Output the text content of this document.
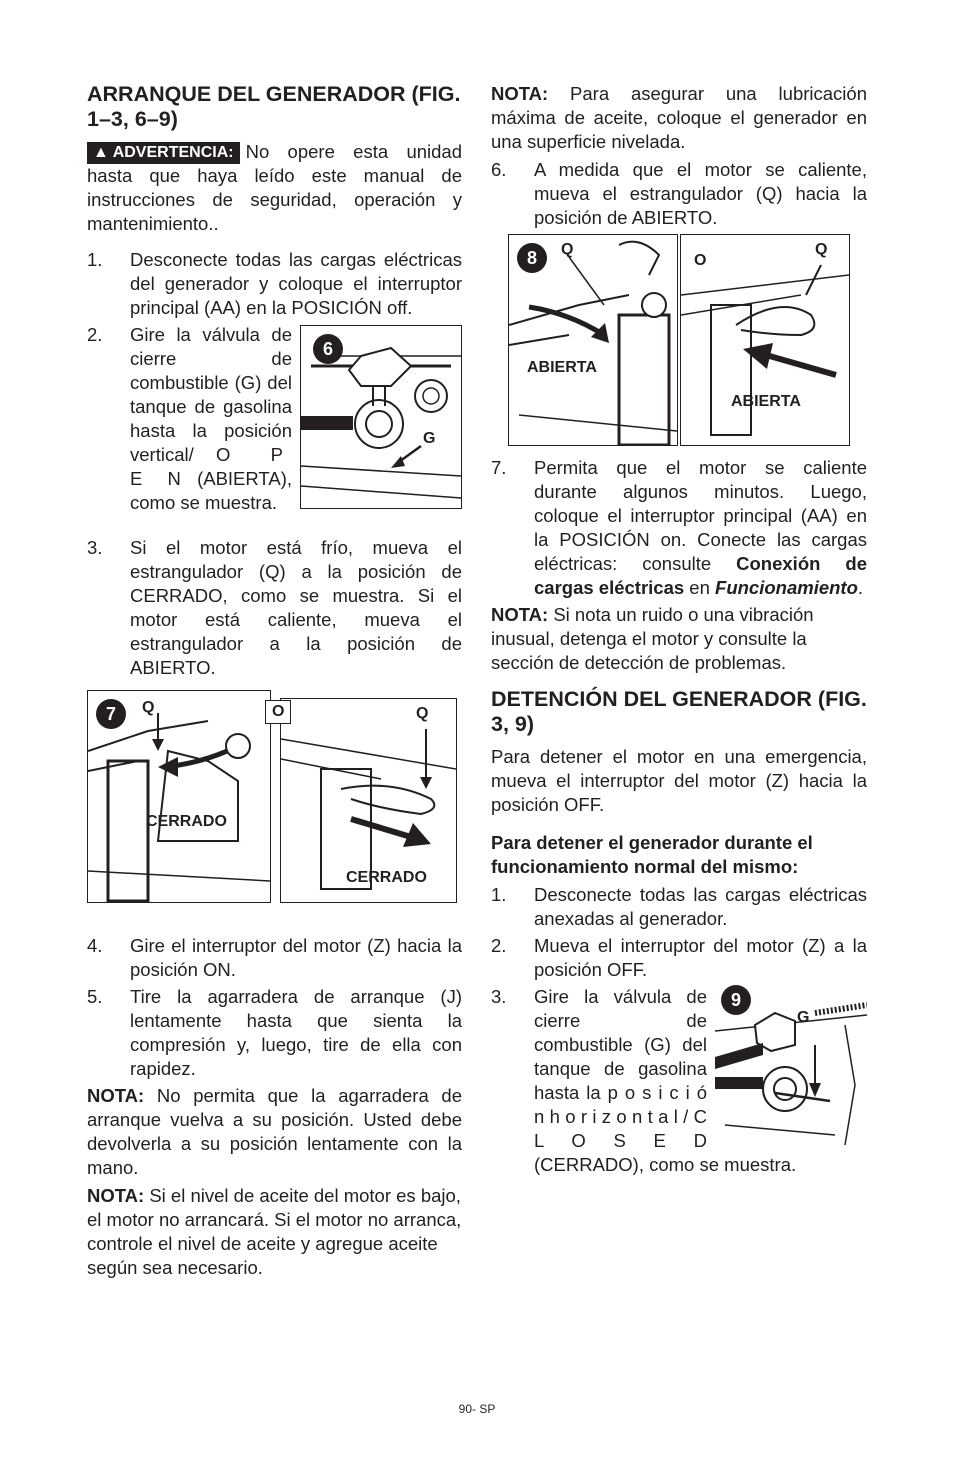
ARRANQUE DEL GENERADOR (FIG. 1–3, 6–9)

▲ ADVERTENCIA: No opere esta unidad hasta que haya leído este manual de instrucciones de seguridad, operación y mantenimiento..

1. Desconecte todas las cargas eléctricas del generador y coloque el interruptor principal (AA) en la POSICIÓN off.
2.
6
G
Gire la válvula de cierre de combustible (G) del tanque de gasolina hasta la posición vertical/ O P E N (ABIERTA), como se muestra.
3. Si el motor está frío, mueva el estrangulador (Q) a la posición de CERRADO, como se muestra. Si el motor está caliente, mueva el estrangulador a la posición de ABIERTO.
7	Q
CERRADO
Q
CERRADO
O
4. Gire el interruptor del motor (Z) hacia la posición ON.
5. Tire la agarradera de arranque (J) lentamente hasta que sienta la compresión y, luego, tire de ella con rapidez.

NOTA: No permita que la agarradera de arranque vuelva a su posición. Usted debe devolverla a su posición lentamente con la mano.

NOTA: Si el nivel de aceite del motor es bajo, el motor no arrancará. Si el motor no arranca, controle el nivel de aceite y agregue aceite según sea necesario.

NOTA: Para asegurar una lubricación máxima de aceite, coloque el generador en una superficie nivelada.

6. A medida que el motor se caliente, mueva el estrangulador (Q) hacia la posición de ABIERTO.
8	Q
ABIERTA
Q
ABIERTA
O
7. Permita que el motor se caliente durante algunos minutos. Luego, coloque el interruptor principal (AA) en la POSICIÓN on. Conecte las cargas eléctricas: consulte Conexión de cargas eléctricas en Funcionamiento.

NOTA: Si nota un ruido o una vibración inusual, detenga el motor y consulte la sección de detección de problemas.

DETENCIÓN DEL GENERADOR (FIG. 3, 9)

Para detener el motor en una emergencia, mueva el interruptor del motor (Z) hacia la posición OFF.

Para detener el generador durante el funcionamiento normal del mismo:

1. Desconecte todas las cargas eléctricas anexadas al generador.
2. Mueva el interruptor del motor (Z) a la posición OFF.
3.	9
G
Gire la válvula de cierre de combustible (G) del tanque de gasolina hasta la p o s i c i ó n h o r i z o n t a l / C L O S E D (CERRADO), como se muestra.
90- SP
